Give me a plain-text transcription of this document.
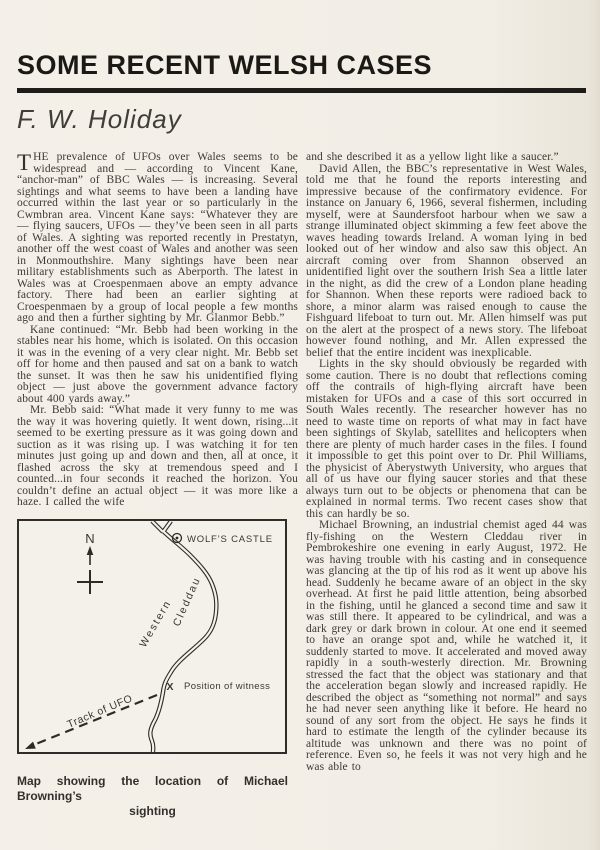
SOME RECENT WELSH CASES
F. W. Holiday

THE prevalence of UFOs over Wales seems to be widespread and — according to Vincent Kane, “anchor-man” of BBC Wales — is increasing. Several sightings and what seems to have been a landing have occurred within the last year or so particularly in the Cwmbran area. Vincent Kane says: “Whatever they are — flying saucers, UFOs — they’ve been seen in all parts of Wales. A sighting was reported recently in Prestatyn, another off the west coast of Wales and another was seen in Monmouthshire. Many sightings have been near military establishments such as Aberporth. The latest in Wales was at Croespenmaen above an empty advance factory. There had been an earlier sighting at Croespenmaen by a group of local people a few months ago and then a further sighting by Mr. Glanmor Bebb.”

Kane continued: “Mr. Bebb had been working in the stables near his home, which is isolated. On this occasion it was in the evening of a very clear night. Mr. Bebb set off for home and then paused and sat on a bank to watch the sunset. It was then he saw his unidentified flying object — just above the government advance factory about 400 yards away.”

Mr. Bebb said: “What made it very funny to me was the way it was hovering quietly. It went down, rising...it seemed to be exerting pressure as it was going down and suction as it was rising up. I was watching it for ten minutes just going up and down and then, all at once, it flashed across the sky at tremendous speed and I counted...in four seconds it reached the horizon. You couldn’t define an actual object — it was more like a haze. I called the wife

N	WOLF’S CASTLE
Western
Cleddau
X Position of witness
Track of UFO
Map showing the location of Michael Browning’s
sighting

and she described it as a yellow light like a saucer.”

David Allen, the BBC’s representative in West Wales, told me that he found the reports interesting and impressive because of the confirmatory evidence. For instance on January 6, 1966, several fishermen, including myself, were at Saundersfoot harbour when we saw a strange illuminated object skimming a few feet above the waves heading towards Ireland. A woman lying in bed looked out of her window and also saw this object. An aircraft coming over from Shannon observed an unidentified light over the southern Irish Sea a little later in the night, as did the crew of a London plane heading for Shannon. When these reports were radioed back to shore, a minor alarm was raised enough to cause the Fishguard lifeboat to turn out. Mr. Allen himself was put on the alert at the prospect of a news story. The lifeboat however found nothing, and Mr. Allen expressed the belief that the entire incident was inexplicable.

Lights in the sky should obviously be regarded with some caution. There is no doubt that reflections coming off the contrails of high-flying aircraft have been mistaken for UFOs and a case of this sort occurred in South Wales recently. The researcher however has no need to waste time on reports of what may in fact have been sightings of Skylab, satellites and helicopters when there are plenty of much harder cases in the files. I found it impossible to get this point over to Dr. Phil Williams, the physicist of Aberystwyth University, who argues that all of us have our flying saucer stories and that these always turn out to be objects or phenomena that can be explained in normal terms. Two recent cases show that this can hardly be so.

Michael Browning, an industrial chemist aged 44 was fly-fishing on the Western Cleddau river in Pembrokeshire one evening in early August, 1972. He was having trouble with his casting and in consequence was glancing at the tip of his rod as it went up above his head. Suddenly he became aware of an object in the sky overhead. At first he paid little attention, being absorbed in the fishing, until he glanced a second time and saw it was still there. It appeared to be cylindrical, and was a dark grey or dark brown in colour. At one end it seemed to have an orange spot and, while he watched it, it suddenly started to move. It accelerated and moved away rapidly in a south-westerly direction. Mr. Browning stressed the fact that the object was stationary and that the acceleration began slowly and increased rapidly. He described the object as “something not normal” and says he had never seen anything like it before. He heard no sound of any sort from the object. He says he finds it hard to estimate the length of the cylinder because its altitude was unknown and there was no point of reference. Even so, he feels it was not very high and he was able to
